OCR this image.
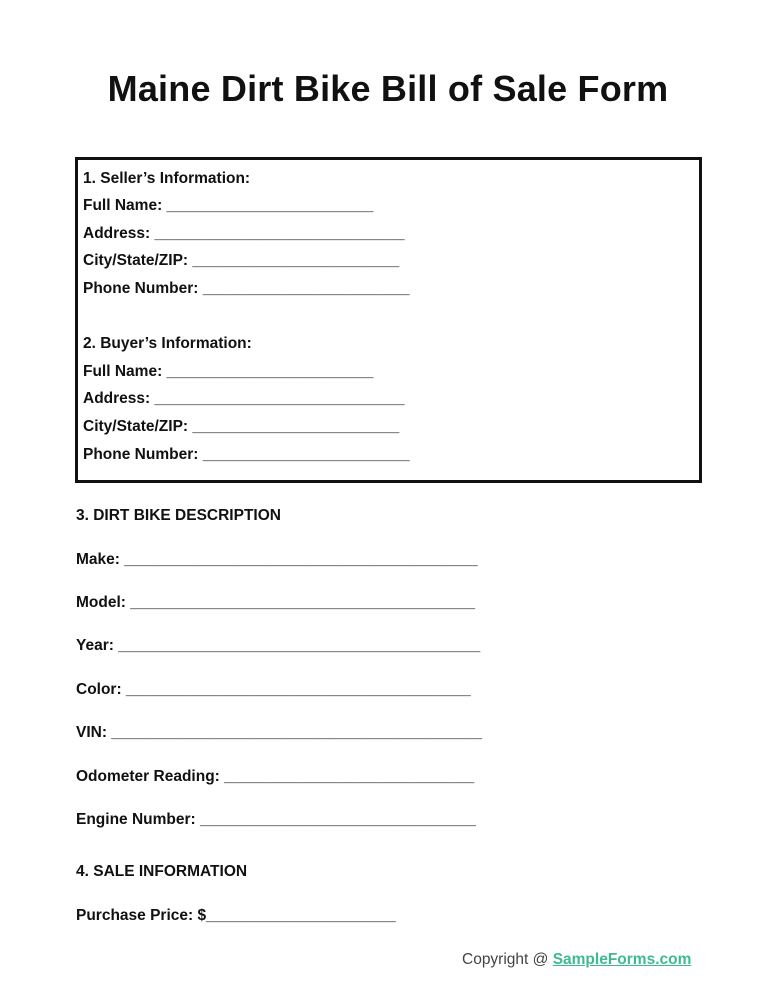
Maine Dirt Bike Bill of Sale Form
1. Seller’s Information:
Full Name: ________________________
Address: _____________________________
City/State/ZIP: ________________________
Phone Number: ________________________
2. Buyer’s Information:
Full Name: ________________________
Address: _____________________________
City/State/ZIP: ________________________
Phone Number: ________________________
3. DIRT BIKE DESCRIPTION
Make: _________________________________________
Model: ________________________________________
Year: __________________________________________
Color: ________________________________________
VIN: ___________________________________________
Odometer Reading: _____________________________
Engine Number: ________________________________
4. SALE INFORMATION
Purchase Price: $______________________
Copyright @ SampleForms.com
